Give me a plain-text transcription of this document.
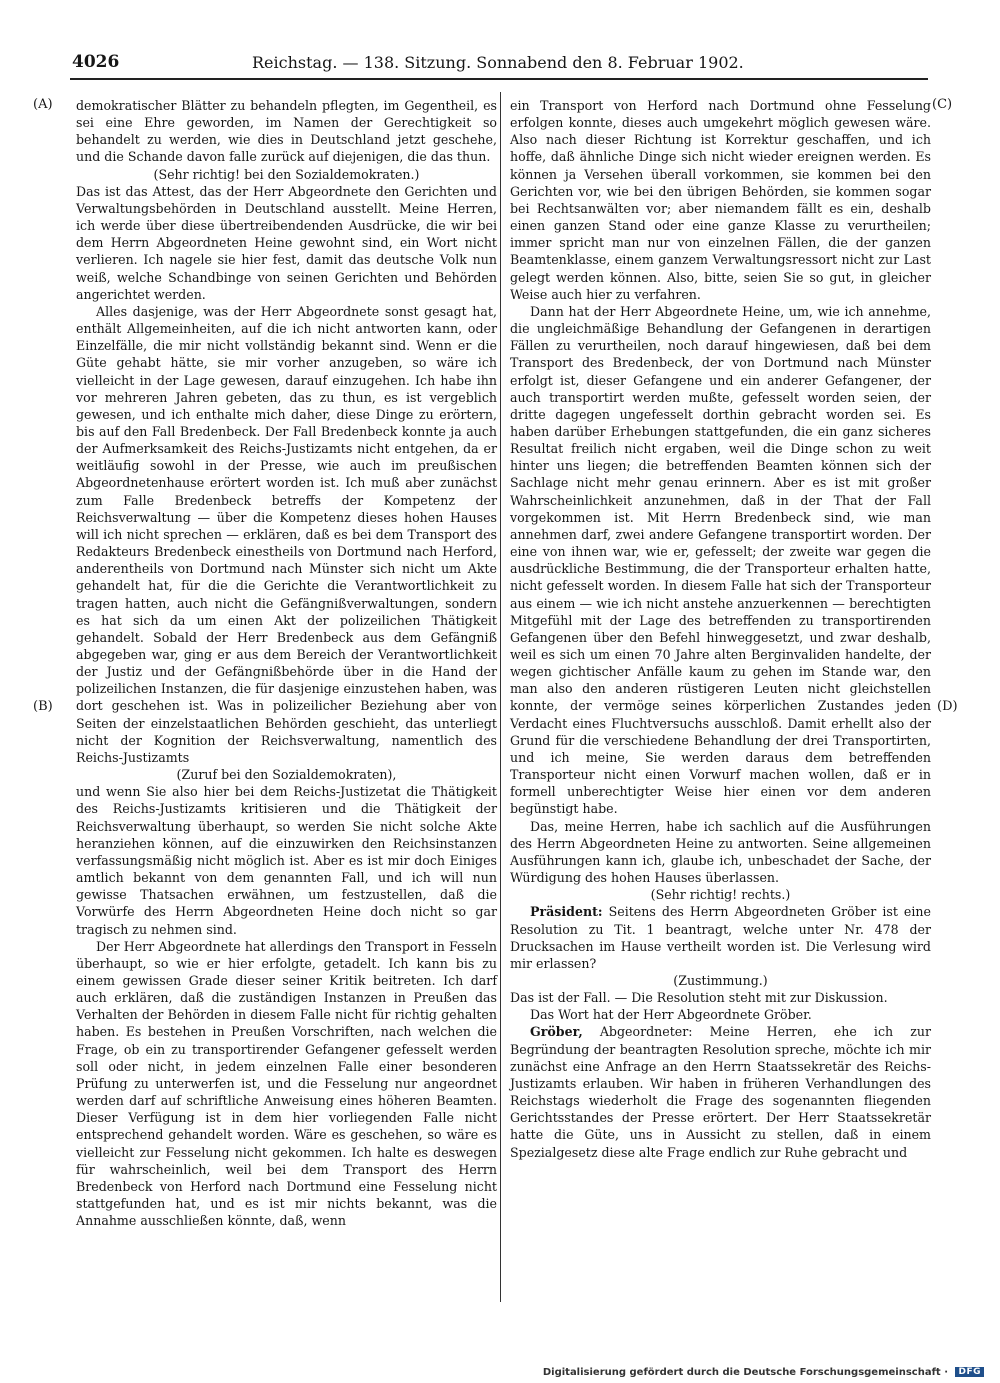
4026	Reichstag. — 138. Sitzung. Sonnabend den 8. Februar 1902.
(A)
(B)
(C)
(D)

demokratischer Blätter zu behandeln pflegten, im Gegentheil, es sei eine Ehre geworden, im Namen der Gerechtigkeit so behandelt zu werden, wie dies in Deutschland jetzt geschehe, und die Schande davon falle zurück auf diejenigen, die das thun.

(Sehr richtig! bei den Sozialdemokraten.)

Das ist das Attest, das der Herr Abgeordnete den Gerichten und Verwaltungsbehörden in Deutschland ausstellt. Meine Herren, ich werde über diese übertreibendenden Ausdrücke, die wir bei dem Herrn Abgeordneten Heine gewohnt sind, ein Wort nicht verlieren. Ich nagele sie hier fest, damit das deutsche Volk nun weiß, welche Schandbinge von seinen Gerichten und Behörden angerichtet werden.

Alles dasjenige, was der Herr Abgeordnete sonst gesagt hat, enthält Allgemeinheiten, auf die ich nicht antworten kann, oder Einzelfälle, die mir nicht vollständig bekannt sind. Wenn er die Güte gehabt hätte, sie mir vorher anzugeben, so wäre ich vielleicht in der Lage gewesen, darauf einzugehen. Ich habe ihn vor mehreren Jahren gebeten, das zu thun, es ist vergeblich gewesen, und ich enthalte mich daher, diese Dinge zu erörtern, bis auf den Fall Bredenbeck. Der Fall Bredenbeck konnte ja auch der Aufmerksamkeit des Reichs-Justizamts nicht entgehen, da er weitläufig sowohl in der Presse, wie auch im preußischen Abgeordnetenhause erörtert worden ist. Ich muß aber zunächst zum Falle Bredenbeck betreffs der Kompetenz der Reichsverwaltung — über die Kompetenz dieses hohen Hauses will ich nicht sprechen — erklären, daß es bei dem Transport des Redakteurs Bredenbeck einestheils von Dortmund nach Herford, anderentheils von Dortmund nach Münster sich nicht um Akte gehandelt hat, für die die Gerichte die Verantwortlichkeit zu tragen hatten, auch nicht die Gefängnißverwaltungen, sondern es hat sich da um einen Akt der polizeilichen Thätigkeit gehandelt. Sobald der Herr Bredenbeck aus dem Gefängniß abgegeben war, ging er aus dem Bereich der Verantwortlichkeit der Justiz und der Gefängnißbehörde über in die Hand der polizeilichen Instanzen, die für dasjenige einzustehen haben, was dort geschehen ist. Was in polizeilicher Beziehung aber von Seiten der einzelstaatlichen Behörden geschieht, das unterliegt nicht der Kognition der Reichsverwaltung, namentlich des Reichs-Justizamts

(Zuruf bei den Sozialdemokraten),

und wenn Sie also hier bei dem Reichs-Justizetat die Thätigkeit des Reichs-Justizamts kritisieren und die Thätigkeit der Reichsverwaltung überhaupt, so werden Sie nicht solche Akte heranziehen können, auf die einzuwirken den Reichsinstanzen verfassungsmäßig nicht möglich ist. Aber es ist mir doch Einiges amtlich bekannt von dem genannten Fall, und ich will nun gewisse Thatsachen erwähnen, um festzustellen, daß die Vorwürfe des Herrn Abgeordneten Heine doch nicht so gar tragisch zu nehmen sind.

Der Herr Abgeordnete hat allerdings den Transport in Fesseln überhaupt, so wie er hier erfolgte, getadelt. Ich kann bis zu einem gewissen Grade dieser seiner Kritik beitreten. Ich darf auch erklären, daß die zuständigen Instanzen in Preußen das Verhalten der Behörden in diesem Falle nicht für richtig gehalten haben. Es bestehen in Preußen Vorschriften, nach welchen die Frage, ob ein zu transportirender Gefangener gefesselt werden soll oder nicht, in jedem einzelnen Falle einer besonderen Prüfung zu unterwerfen ist, und die Fesselung nur angeordnet werden darf auf schriftliche Anweisung eines höheren Beamten. Dieser Verfügung ist in dem hier vorliegenden Falle nicht entsprechend gehandelt worden. Wäre es geschehen, so wäre es vielleicht zur Fesselung nicht gekommen. Ich halte es deswegen für wahrscheinlich, weil bei dem Transport des Herrn Bredenbeck von Herford nach Dortmund eine Fesselung nicht stattgefunden hat, und es ist mir nichts bekannt, was die Annahme ausschließen könnte, daß, wenn

ein Transport von Herford nach Dortmund ohne Fesselung erfolgen konnte, dieses auch umgekehrt möglich gewesen wäre. Also nach dieser Richtung ist Korrektur geschaffen, und ich hoffe, daß ähnliche Dinge sich nicht wieder ereignen werden. Es können ja Versehen überall vorkommen, sie kommen bei den Gerichten vor, wie bei den übrigen Behörden, sie kommen sogar bei Rechtsanwälten vor; aber niemandem fällt es ein, deshalb einen ganzen Stand oder eine ganze Klasse zu verurtheilen; immer spricht man nur von einzelnen Fällen, die der ganzen Beamtenklasse, einem ganzem Verwaltungsressort nicht zur Last gelegt werden können. Also, bitte, seien Sie so gut, in gleicher Weise auch hier zu verfahren.

Dann hat der Herr Abgeordnete Heine, um, wie ich annehme, die ungleichmäßige Behandlung der Gefangenen in derartigen Fällen zu verurtheilen, noch darauf hingewiesen, daß bei dem Transport des Bredenbeck, der von Dortmund nach Münster erfolgt ist, dieser Gefangene und ein anderer Gefangener, der auch transportirt werden mußte, gefesselt worden seien, der dritte dagegen ungefesselt dorthin gebracht worden sei. Es haben darüber Erhebungen stattgefunden, die ein ganz sicheres Resultat freilich nicht ergaben, weil die Dinge schon zu weit hinter uns liegen; die betreffenden Beamten können sich der Sachlage nicht mehr genau erinnern. Aber es ist mit großer Wahrscheinlichkeit anzunehmen, daß in der That der Fall vorgekommen ist. Mit Herrn Bredenbeck sind, wie man annehmen darf, zwei andere Gefangene transportirt worden. Der eine von ihnen war, wie er, gefesselt; der zweite war gegen die ausdrückliche Bestimmung, die der Transporteur erhalten hatte, nicht gefesselt worden. In diesem Falle hat sich der Transporteur aus einem — wie ich nicht anstehe anzuerkennen — berechtigten Mitgefühl mit der Lage des betreffenden zu transportirenden Gefangenen über den Befehl hinweggesetzt, und zwar deshalb, weil es sich um einen 70 Jahre alten Berginvaliden handelte, der wegen gichtischer Anfälle kaum zu gehen im Stande war, den man also den anderen rüstigeren Leuten nicht gleichstellen konnte, der vermöge seines körperlichen Zustandes jeden Verdacht eines Fluchtversuchs ausschloß. Damit erhellt also der Grund für die verschiedene Behandlung der drei Transportirten, und ich meine, Sie werden daraus dem betreffenden Transporteur nicht einen Vorwurf machen wollen, daß er in formell unberechtigter Weise hier einen vor dem anderen begünstigt habe.

Das, meine Herren, habe ich sachlich auf die Ausführungen des Herrn Abgeordneten Heine zu antworten. Seine allgemeinen Ausführungen kann ich, glaube ich, unbeschadet der Sache, der Würdigung des hohen Hauses überlassen.

(Sehr richtig! rechts.)

Präsident: Seitens des Herrn Abgeordneten Gröber ist eine Resolution zu Tit. 1 beantragt, welche unter Nr. 478 der Drucksachen im Hause vertheilt worden ist. Die Verlesung wird mir erlassen?

(Zustimmung.)

Das ist der Fall. — Die Resolution steht mit zur Diskussion.

Das Wort hat der Herr Abgeordnete Gröber.

Gröber, Abgeordneter: Meine Herren, ehe ich zur Begründung der beantragten Resolution spreche, möchte ich mir zunächst eine Anfrage an den Herrn Staatssekretär des Reichs-Justizamts erlauben. Wir haben in früheren Verhandlungen des Reichstags wiederholt die Frage des sogenannten fliegenden Gerichtsstandes der Presse erörtert. Der Herr Staatssekretär hatte die Güte, uns in Aussicht zu stellen, daß in einem Spezialgesetz diese alte Frage endlich zur Ruhe gebracht und

Digitalisierung gefördert durch die Deutsche Forschungsgemeinschaft · DFG
